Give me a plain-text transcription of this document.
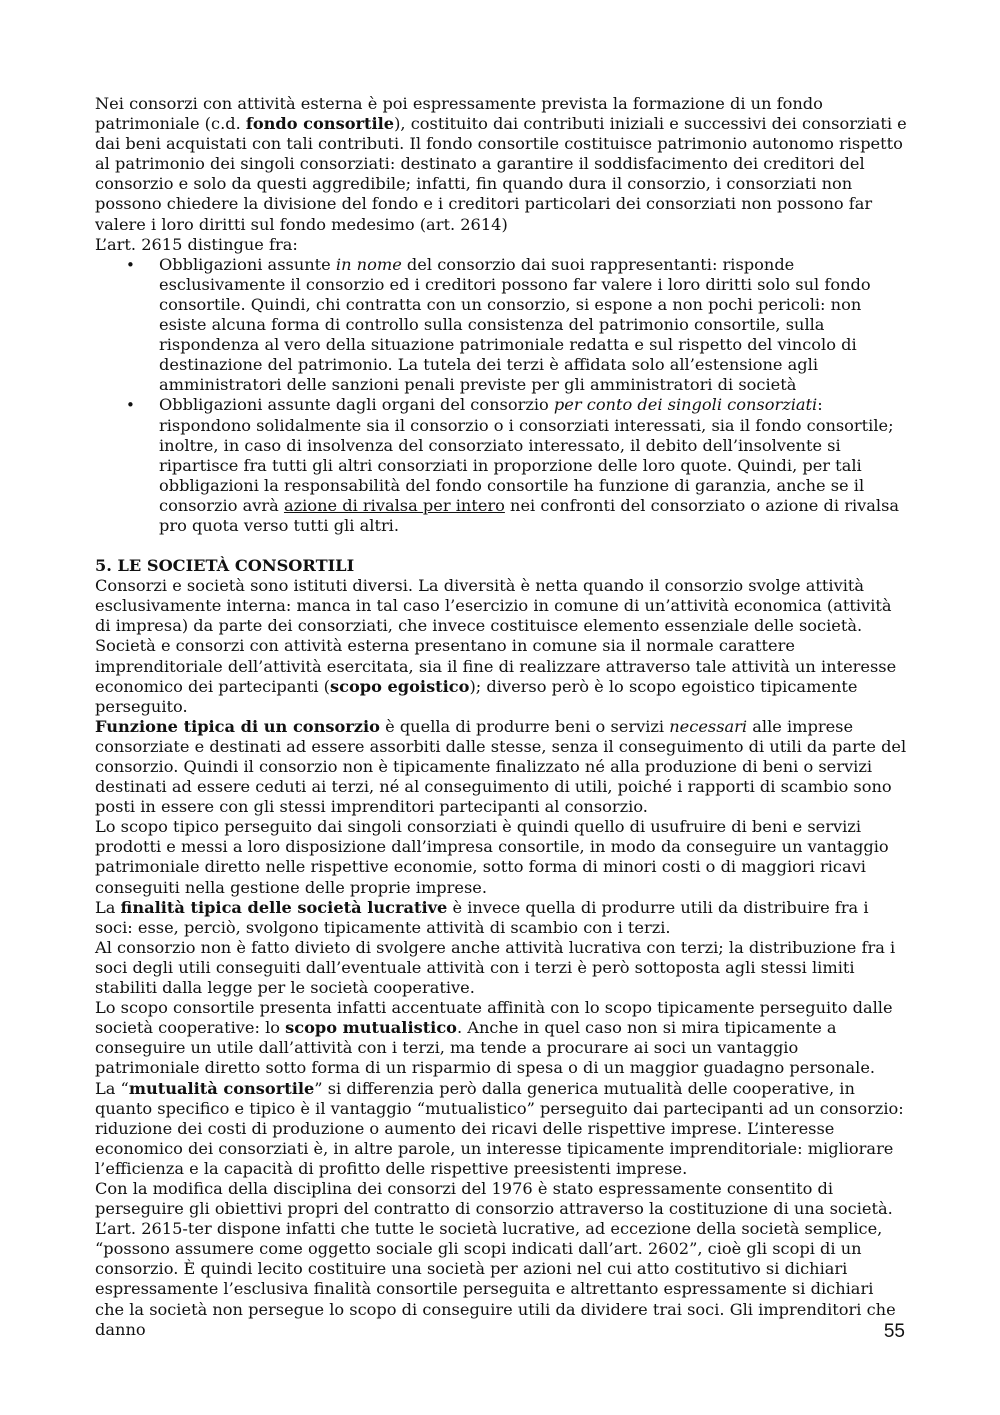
Nei consorzi con attività esterna è poi espressamente prevista la formazione di un fondo patrimoniale (c.d. fondo consortile), costituito dai contributi iniziali e successivi dei consorziati e dai beni acquistati con tali contributi. Il fondo consortile costituisce patrimonio autonomo rispetto al patrimonio dei singoli consorziati: destinato a garantire il soddisfacimento dei creditori del consorzio e solo da questi aggredibile; infatti, fin quando dura il consorzio, i consorziati non possono chiedere la divisione del fondo e i creditori particolari dei consorziati non possono far valere i loro diritti sul fondo medesimo (art. 2614)

L’art. 2615 distingue fra:

• Obbligazioni assunte in nome del consorzio dai suoi rappresentanti: risponde esclusivamente il consorzio ed i creditori possono far valere i loro diritti solo sul fondo consortile. Quindi, chi contratta con un consorzio, si espone a non pochi pericoli: non esiste alcuna forma di controllo sulla consistenza del patrimonio consortile, sulla rispondenza al vero della situazione patrimoniale redatta e sul rispetto del vincolo di destinazione del patrimonio. La tutela dei terzi è affidata solo all’estensione agli amministratori delle sanzioni penali previste per gli amministratori di società
• Obbligazioni assunte dagli organi del consorzio per conto dei singoli consorziati: rispondono solidalmente sia il consorzio o i consorziati interessati, sia il fondo consortile; inoltre, in caso di insolvenza del consorziato interessato, il debito dell’insolvente si ripartisce fra tutti gli altri consorziati in proporzione delle loro quote. Quindi, per tali obbligazioni la responsabilità del fondo consortile ha funzione di garanzia, anche se il consorzio avrà azione di rivalsa per intero nei confronti del consorziato o azione di rivalsa pro quota verso tutti gli altri.
5. LE SOCIETÀ CONSORTILI

Consorzi e società sono istituti diversi. La diversità è netta quando il consorzio svolge attività esclusivamente interna: manca in tal caso l’esercizio in comune di un’attività economica (attività di impresa) da parte dei consorziati, che invece costituisce elemento essenziale delle società. Società e consorzi con attività esterna presentano in comune sia il normale carattere imprenditoriale dell’attività esercitata, sia il fine di realizzare attraverso tale attività un interesse economico dei partecipanti (scopo egoistico); diverso però è lo scopo egoistico tipicamente perseguito.

Funzione tipica di un consorzio è quella di produrre beni o servizi necessari alle imprese consorziate e destinati ad essere assorbiti dalle stesse, senza il conseguimento di utili da parte del consorzio. Quindi il consorzio non è tipicamente finalizzato né alla produzione di beni o servizi destinati ad essere ceduti ai terzi, né al conseguimento di utili, poiché i rapporti di scambio sono posti in essere con gli stessi imprenditori partecipanti al consorzio.

Lo scopo tipico perseguito dai singoli consorziati è quindi quello di usufruire di beni e servizi prodotti e messi a loro disposizione dall’impresa consortile, in modo da conseguire un vantaggio patrimoniale diretto nelle rispettive economie, sotto forma di minori costi o di maggiori ricavi conseguiti nella gestione delle proprie imprese.

La finalità tipica delle società lucrative è invece quella di produrre utili da distribuire fra i soci: esse, perciò, svolgono tipicamente attività di scambio con i terzi.

Al consorzio non è fatto divieto di svolgere anche attività lucrativa con terzi; la distribuzione fra i soci degli utili conseguiti dall’eventuale attività con i terzi è però sottoposta agli stessi limiti stabiliti dalla legge per le società cooperative.

Lo scopo consortile presenta infatti accentuate affinità con lo scopo tipicamente perseguito dalle società cooperative: lo scopo mutualistico. Anche in quel caso non si mira tipicamente a conseguire un utile dall’attività con i terzi, ma tende a procurare ai soci un vantaggio patrimoniale diretto sotto forma di un risparmio di spesa o di un maggior guadagno personale.

La “mutualità consortile” si differenzia però dalla generica mutualità delle cooperative, in quanto specifico e tipico è il vantaggio “mutualistico” perseguito dai partecipanti ad un consorzio: riduzione dei costi di produzione o aumento dei ricavi delle rispettive imprese. L’interesse economico dei consorziati è, in altre parole, un interesse tipicamente imprenditoriale: migliorare l’efficienza e la capacità di profitto delle rispettive preesistenti imprese.

Con la modifica della disciplina dei consorzi del 1976 è stato espressamente consentito di perseguire gli obiettivi propri del contratto di consorzio attraverso la costituzione di una società. L’art. 2615-ter dispone infatti che tutte le società lucrative, ad eccezione della società semplice, “possono assumere come oggetto sociale gli scopi indicati dall’art. 2602”, cioè gli scopi di un consorzio. È quindi lecito costituire una società per azioni nel cui atto costitutivo si dichiari espressamente l’esclusiva finalità consortile perseguita e altrettanto espressamente si dichiari che la società non persegue lo scopo di conseguire utili da dividere trai soci. Gli imprenditori che danno	55
